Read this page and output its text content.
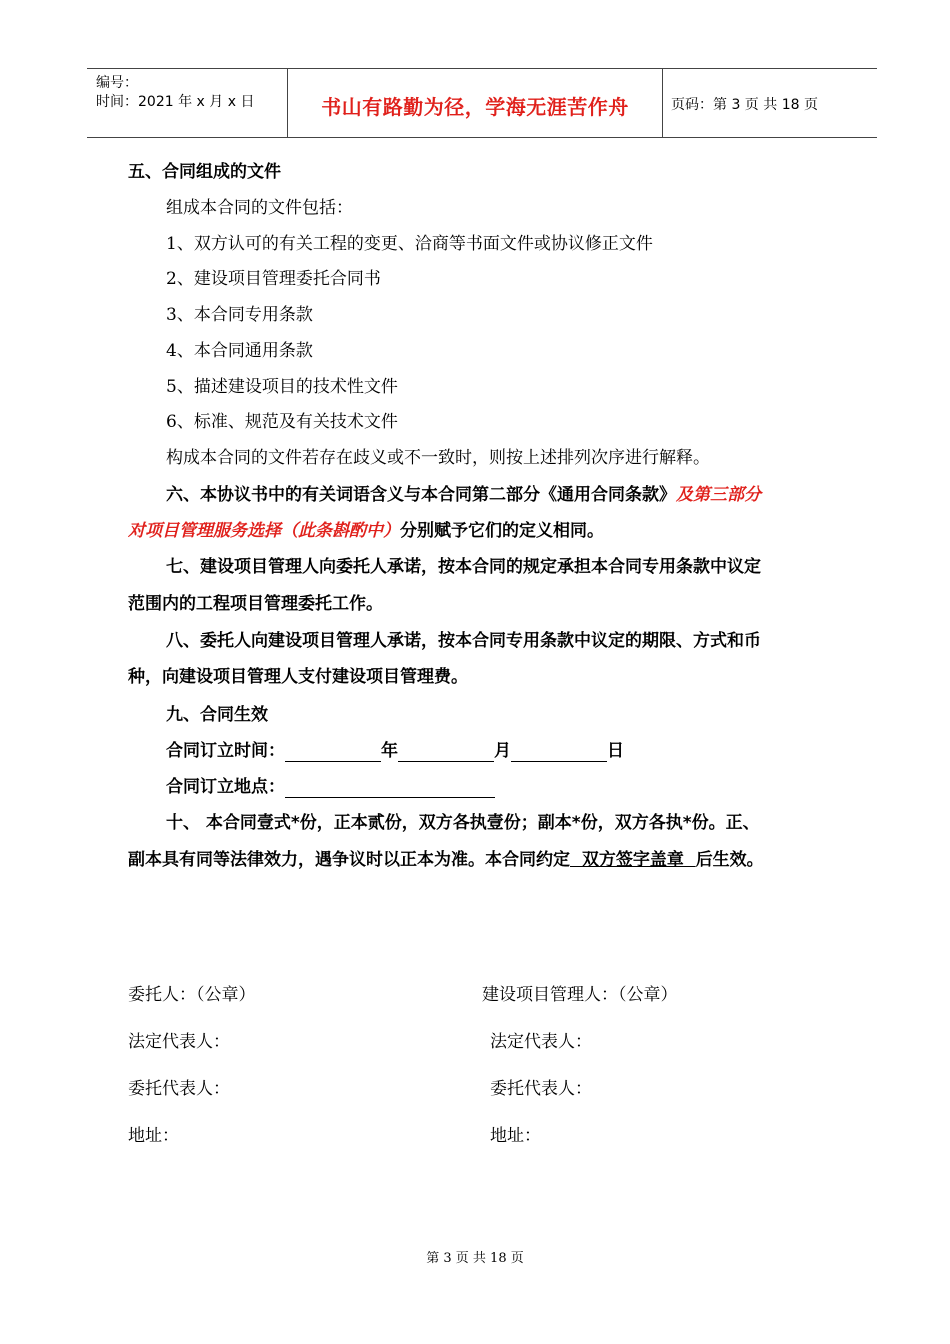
编号：
时间：2021 年 x 月 x 日	书山有路勤为径，学海无涯苦作舟	页码：第 3 页 共 18 页
五、合同组成的文件
组成本合同的文件包括：
1、双方认可的有关工程的变更、洽商等书面文件或协议修正文件
2、建设项目管理委托合同书
3、本合同专用条款
4、本合同通用条款
5、描述建设项目的技术性文件
6、标准、规范及有关技术文件
构成本合同的文件若存在歧义或不一致时，则按上述排列次序进行解释。
六、本协议书中的有关词语含义与本合同第二部分《通用合同条款》及第三部分
对项目管理服务选择（此条斟酌中）分别赋予它们的定义相同。
七、建设项目管理人向委托人承诺，按本合同的规定承担本合同专用条款中议定
范围内的工程项目管理委托工作。
八、委托人向建设项目管理人承诺，按本合同专用条款中议定的期限、方式和币
种，向建设项目管理人支付建设项目管理费。
九、合同生效
合同订立时间：	年	月	日
合同订立地点：
十、 本合同壹式*份，正本贰份，双方各执壹份；副本*份，双方各执*份。正、
副本具有同等法律效力，遇争议时以正本为准。本合同约定  双方签字盖章  后生效。
委托人：（公章）
法定代表人：
委托代表人：
地址：
建设项目管理人：（公章）
法定代表人：
委托代表人：
地址：
第 3 页 共 18 页
